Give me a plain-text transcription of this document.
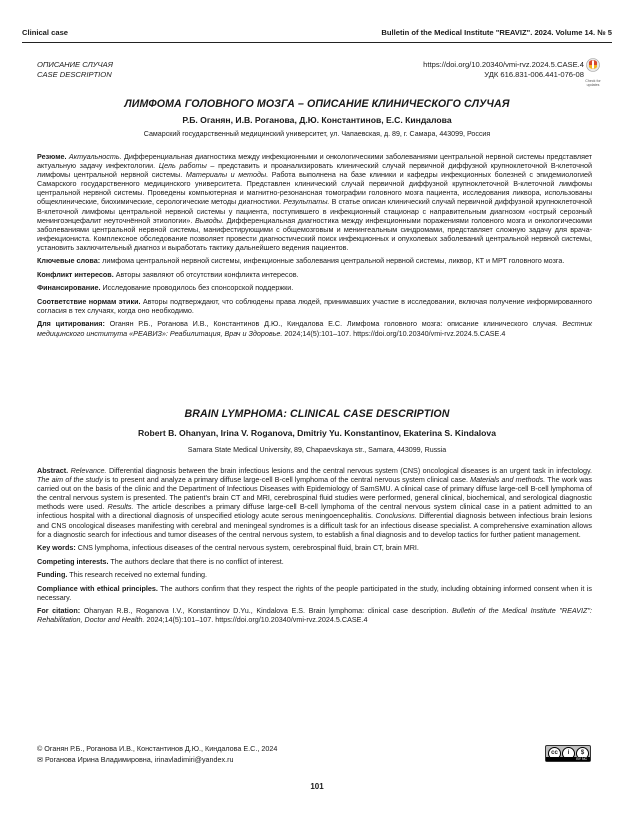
Clinical case	Bulletin of the Medical Institute "REAVIZ". 2024. Volume 14. № 5
ОПИСАНИЕ СЛУЧАЯ
CASE DESCRIPTION
https://doi.org/10.20340/vmi-rvz.2024.5.CASE.4
УДК 616.831-006.441-076-08
Check for updates
ЛИМФОМА ГОЛОВНОГО МОЗГА – ОПИСАНИЕ КЛИНИЧЕСКОГО СЛУЧАЯ
Р.Б. Оганян, И.В. Роганова, Д.Ю. Константинов, Е.С. Киндалова
Самарский государственный медицинский университет, ул. Чапаевская, д. 89, г. Самара, 443099, Россия

Резюме. Актуальность. Дифференциальная диагностика между инфекционными и онкологическими заболеваниями центральной нервной системы представляет актуальную задачу инфектологии. Цель работы – представить и проанализировать клинический случай первичной диффузной крупноклеточной В-клеточной лимфомы центральной нервной системы. Материалы и методы. Работа выполнена на базе клиники и кафедры инфекционных болезней с эпидемиологией Самарского государственного медицинского университета. Представлен клинический случай первичной диффузной крупноклеточной В-клеточной лимфомы центральной нервной системы. Проведены компьютерная и магнитно-резонансная томографии головного мозга пациента, исследования ликвора, использованы общеклинические, биохимические, серологические методы диагностики. Результаты. В статье описан клинический случай первичной диффузной крупноклеточной В-клеточной лимфомы центральной нервной системы у пациента, поступившего в инфекционный стационар с направительным диагнозом «острый серозный менингоэнцефалит неуточнённой этиологии». Выводы. Дифференциальная диагностика между инфекционными поражениями головного мозга и онкологическими заболеваниями центральной нервной системы, манифестирующими с общемозговым и менингеальным синдромами, представляет сложную задачу для врача-инфекциониста. Комплексное обследование позволяет провести диагностический поиск инфекционных и опухолевых заболеваний центральной нервной системы, установить заключительный диагноз и выработать тактику дальнейшего ведения пациентов.

Ключевые слова: лимфома центральной нервной системы, инфекционные заболевания центральной нервной системы, ликвор, КТ и МРТ головного мозга.

Конфликт интересов. Авторы заявляют об отсутствии конфликта интересов.

Финансирование. Исследование проводилось без спонсорской поддержки.

Соответствие нормам этики. Авторы подтверждают, что соблюдены права людей, принимавших участие в исследовании, включая получение информированного согласия в тех случаях, когда оно необходимо.

Для цитирования: Оганян Р.Б., Роганова И.В., Константинов Д.Ю., Киндалова Е.С. Лимфома головного мозга: описание клинического случая. Вестник медицинского института «РЕАВИЗ»: Реабилитация, Врач и Здоровье. 2024;14(5):101–107. https://doi.org/10.20340/vmi-rvz.2024.5.CASE.4

BRAIN LYMPHOMA: CLINICAL CASE DESCRIPTION
Robert B. Ohanyan, Irina V. Roganova, Dmitriy Yu. Konstantinov, Ekaterina S. Kindalova
Samara State Medical University, 89, Chapaevskaya str., Samara, 443099, Russia

Abstract. Relevance. Differential diagnosis between the brain infectious lesions and the central nervous system (CNS) oncological diseases is an urgent task in infectology. The aim of the study is to present and analyze a primary diffuse large-cell B-cell lymphoma of the central nervous system clinical case. Materials and methods. The work was carried out on the basis of the clinic and the Department of Infectious Diseases with Epidemiology of SamSMU. A clinical case of primary diffuse large-cell B-cell lymphoma of the central nervous system is presented. The patient's brain CT and MRI, cerebrospinal fluid studies were performed, general clinical, biochemical, and serological diagnostic methods were used. Results. The article describes a primary diffuse large-cell B-cell lymphoma of the central nervous system clinical case in a patient admitted to an infectious hospital with a directional diagnosis of unspecified etiology acute serous meningoencephalitis. Conclusions. Differential diagnosis between infectious brain lesions and CNS oncological diseases manifesting with cerebral and meningeal syndromes is a difficult task for an infectious disease specialist. A comprehensive examination allows for a diagnostic search for infectious and tumor diseases of the central nervous system, to establish a final diagnosis and to develop tactics for further patient management.

Key words: CNS lymphoma, infectious diseases of the central nervous system, cerebrospinal fluid, brain CT, brain MRI.

Competing interests. The authors declare that there is no conflict of interest.

Funding. This research received no external funding.

Compliance with ethical principles. The authors confirm that they respect the rights of the people participated in the study, including obtaining informed consent when it is necessary.

For citation: Ohanyan R.B., Roganova I.V., Konstantinov D.Yu., Kindalova E.S. Brain lymphoma: clinical case description. Bulletin of the Medical Institute "REAVIZ": Rehabilitation, Doctor and Health. 2024;14(5):101–107. https://doi.org/10.20340/vmi-rvz.2024.5.CASE.4

© Оганян Р.Б., Роганова И.В., Константинов Д.Ю., Киндалова Е.С., 2024
✉ Роганова Ирина Владимировна, irinavladimiri@yandex.ru
cc	i	$
BY NC
101
